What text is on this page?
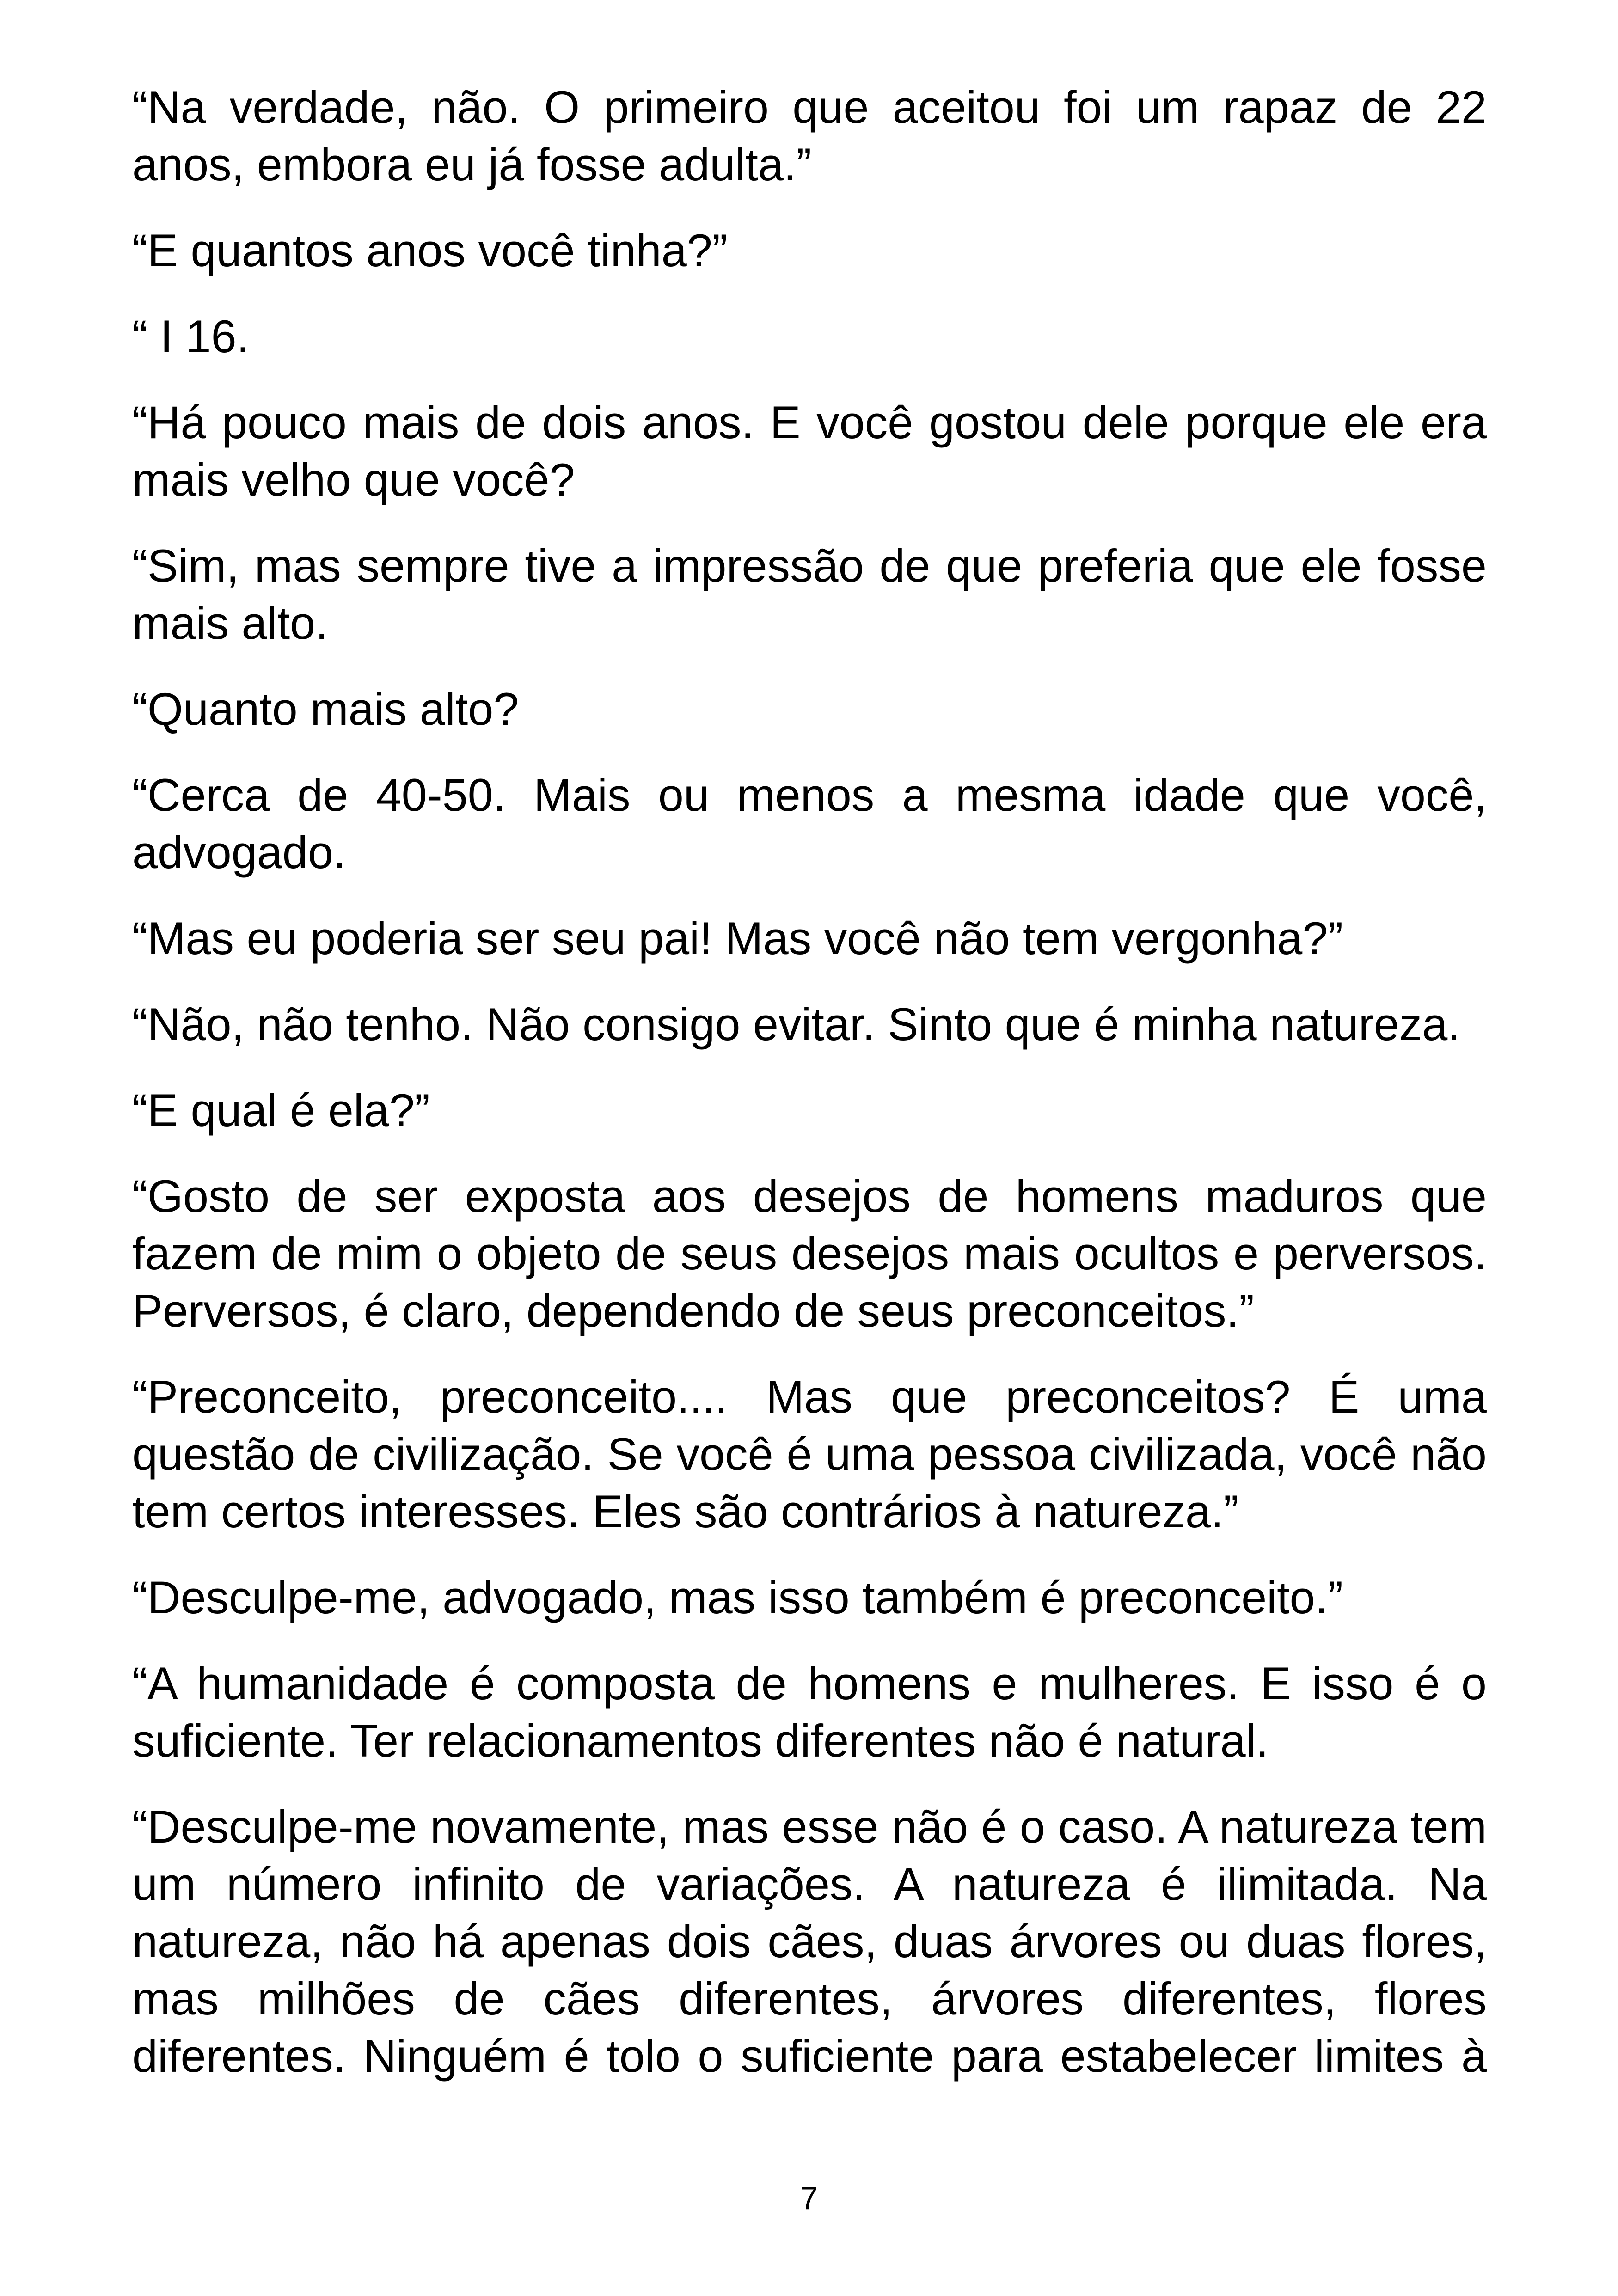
“Na verdade, não. O primeiro que aceitou foi um rapaz de 22 anos, embora eu já fosse adulta.”

“E quantos anos você tinha?”

“ I 16.

“Há pouco mais de dois anos. E você gostou dele porque ele era mais velho que você?

“Sim, mas sempre tive a impressão de que preferia que ele fosse mais alto.

“Quanto mais alto?

“Cerca de 40-50. Mais ou menos a mesma idade que você, advogado.

“Mas eu poderia ser seu pai! Mas você não tem vergonha?”

“Não, não tenho. Não consigo evitar. Sinto que é minha natureza.

“E qual é ela?”

“Gosto de ser exposta aos desejos de homens maduros que fazem de mim o objeto de seus desejos mais ocultos e perversos. Perversos, é claro, dependendo de seus preconceitos.”

“Preconceito, preconceito.... Mas que preconceitos? É uma questão de civilização. Se você é uma pessoa civilizada, você não tem certos interesses. Eles são contrários à natureza.”

“Desculpe-me, advogado, mas isso também é preconceito.”

“A humanidade é composta de homens e mulheres. E isso é o suficiente. Ter relacionamentos diferentes não é natural.

“Desculpe-me novamente, mas esse não é o caso. A natureza tem um número infinito de variações. A natureza é ilimitada. Na natureza, não há apenas dois cães, duas árvores ou duas flores, mas milhões de cães diferentes, árvores diferentes, flores diferentes. Ninguém é tolo o suficiente para estabelecer limites à

7
